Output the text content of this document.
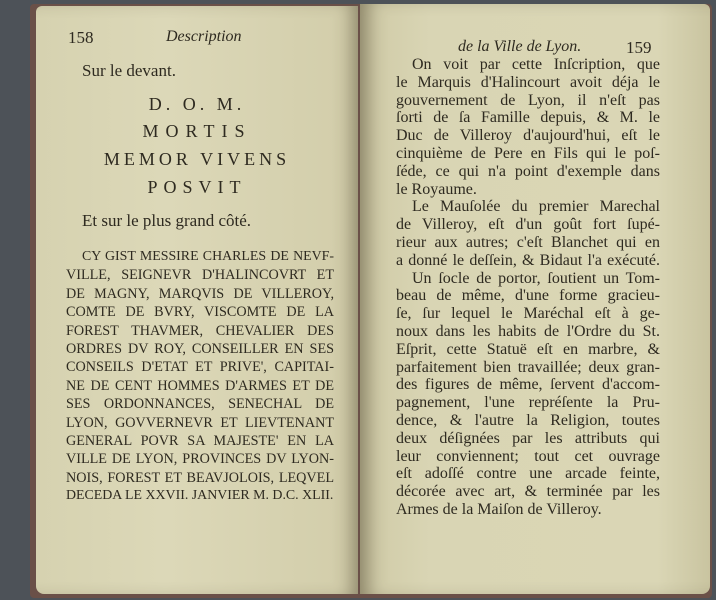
158	Description
Sur le devant.
D. O. M.
MORTIS
MEMOR VIVENS
POSVIT
Et sur le plus grand côté.
CY GIST MESSIRE CHARLES DE NEVF-
VILLE, SEIGNEVR D'HALINCOVRT ET
DE MAGNY, MARQVIS DE VILLEROY,
COMTE DE BVRY, VISCOMTE DE LA
FOREST THAVMER, CHEVALIER DES
ORDRES DV ROY, CONSEILLER EN SES
CONSEILS D'ETAT ET PRIVE', CAPITAI-
NE DE CENT HOMMES D'ARMES ET DE
SES ORDONNANCES, SENECHAL DE
LYON, GOVVERNEVR ET LIEVTENANT
GENERAL POVR SA MAJESTE' EN LA
VILLE DE LYON, PROVINCES DV LYON-
NOIS, FOREST ET BEAVJOLOIS, LEQVEL
DECEDA LE XXVII. JANVIER M. D.C. XLII.
de la Ville de Lyon.	159
On voit par cette Inſcription, que
le Marquis d'Halincourt avoit déja le
gouvernement de Lyon, il n'eſt pas
ſorti de ſa Famille depuis, & M. le
Duc de Villeroy d'aujourd'hui, eſt le
cinquième de Pere en Fils qui le poſ-
ſéde, ce qui n'a point d'exemple dans
le Royaume.
Le Mauſolée du premier Marechal
de Villeroy, eſt d'un goût fort ſupé-
rieur aux autres; c'eſt Blanchet qui en
a donné le deſſein, & Bidaut l'a exécuté.
Un ſocle de portor, ſoutient un Tom-
beau de même, d'une forme gracieu-
ſe, ſur lequel le Maréchal eſt à ge-
noux dans les habits de l'Ordre du St.
Eſprit, cette Statuë eſt en marbre, &
parfaitement bien travaillée; deux gran-
des figures de même, ſervent d'accom-
pagnement, l'une repréſente la Pru-
dence, & l'autre la Religion, toutes
deux déſignées par les attributs qui
leur conviennent; tout cet ouvrage
eſt adoſſé contre une arcade feinte,
décorée avec art, & terminée par les
Armes de la Maiſon de Villeroy.
